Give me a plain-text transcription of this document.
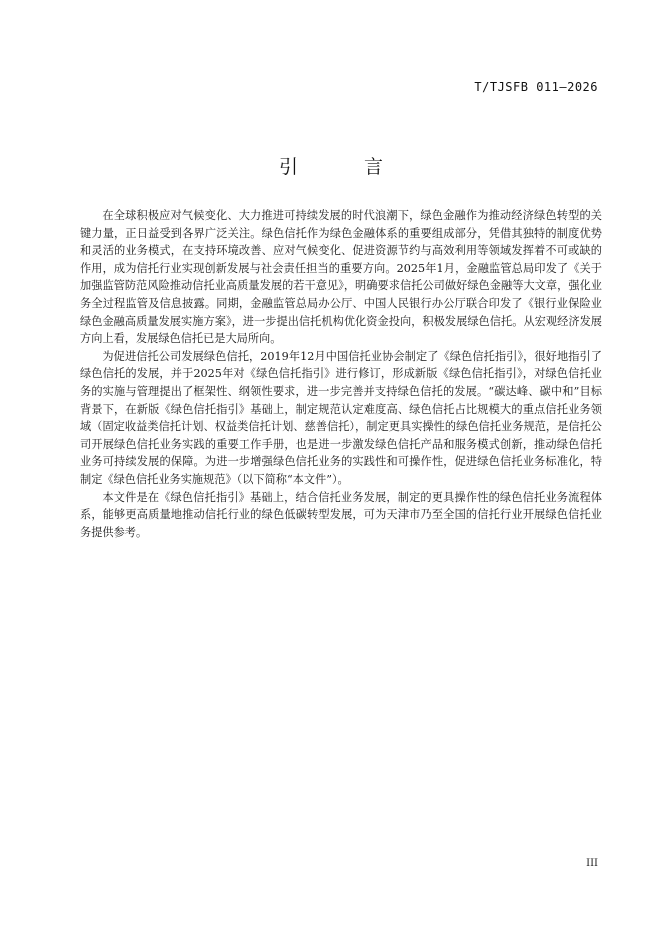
T/TJSFB 011—2026
引 言

在全球积极应对气候变化、大力推进可持续发展的时代浪潮下，绿色金融作为推动经济绿色转型的关键力量，正日益受到各界广泛关注。绿色信托作为绿色金融体系的重要组成部分，凭借其独特的制度优势和灵活的业务模式，在支持环境改善、应对气候变化、促进资源节约与高效利用等领域发挥着不可或缺的作用，成为信托行业实现创新发展与社会责任担当的重要方向。2025年1月，金融监管总局印发了《关于加强监管防范风险推动信托业高质量发展的若干意见》，明确要求信托公司做好绿色金融等大文章，强化业务全过程监管及信息披露。同期，金融监管总局办公厅、中国人民银行办公厅联合印发了《银行业保险业绿色金融高质量发展实施方案》，进一步提出信托机构优化资金投向，积极发展绿色信托。从宏观经济发展方向上看，发展绿色信托已是大局所向。

为促进信托公司发展绿色信托，2019年12月中国信托业协会制定了《绿色信托指引》，很好地指引了绿色信托的发展，并于2025年对《绿色信托指引》进行修订，形成新版《绿色信托指引》，对绿色信托业务的实施与管理提出了框架性、纲领性要求，进一步完善并支持绿色信托的发展。“碳达峰、碳中和”目标背景下，在新版《绿色信托指引》基础上，制定规范认定难度高、绿色信托占比规模大的重点信托业务领域（固定收益类信托计划、权益类信托计划、慈善信托），制定更具实操性的绿色信托业务规范，是信托公司开展绿色信托业务实践的重要工作手册，也是进一步激发绿色信托产品和服务模式创新，推动绿色信托业务可持续发展的保障。为进一步增强绿色信托业务的实践性和可操作性，促进绿色信托业务标准化，特制定《绿色信托业务实施规范》（以下简称“本文件”）。

本文件是在《绿色信托指引》基础上，结合信托业务发展，制定的更具操作性的绿色信托业务流程体系，能够更高质量地推动信托行业的绿色低碳转型发展，可为天津市乃至全国的信托行业开展绿色信托业务提供参考。

III
